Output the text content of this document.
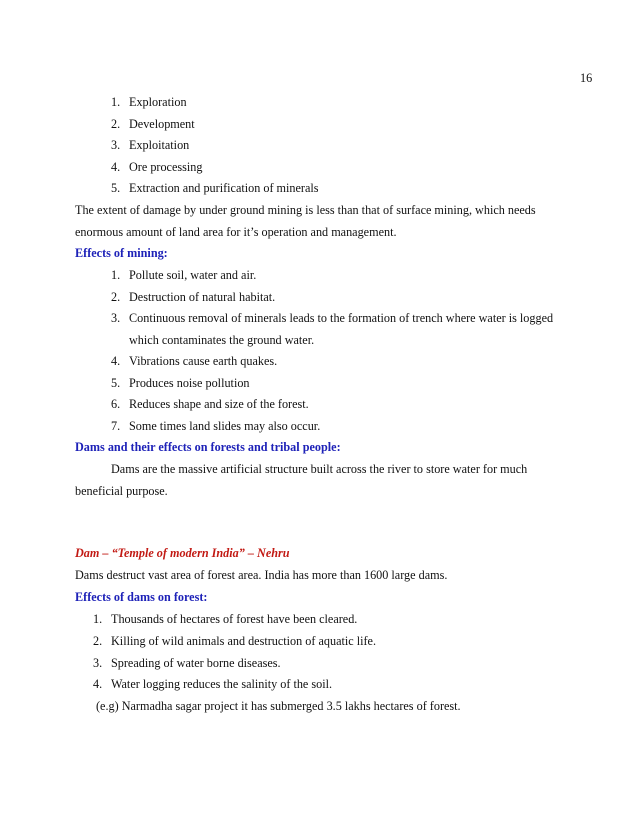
16
1. Exploration
2. Development
3. Exploitation
4. Ore processing
5. Extraction and purification of minerals
The extent of damage by under ground mining is less than that of surface mining, which needs
enormous amount of land area for it’s operation and management.
Effects of mining:
1. Pollute soil, water and air.
2. Destruction of natural habitat.
3. Continuous removal of minerals leads to the formation of trench where water is logged
which contaminates the ground water.
4. Vibrations cause earth quakes.
5. Produces noise pollution
6. Reduces shape and size of the forest.
7. Some times land slides may also occur.
Dams and their effects on forests and tribal people:
Dams are the massive artificial structure built across the river to store water for much
beneficial purpose.
Dam – “Temple of modern India” – Nehru
Dams destruct vast area of forest area. India has more than 1600 large dams.
Effects of dams on forest:
1. Thousands of hectares of forest have been cleared.
2. Killing of wild animals and destruction of aquatic life.
3. Spreading of water borne diseases.
4. Water logging reduces the salinity of the soil.
(e.g) Narmadha sagar project it has submerged 3.5 lakhs hectares of forest.
